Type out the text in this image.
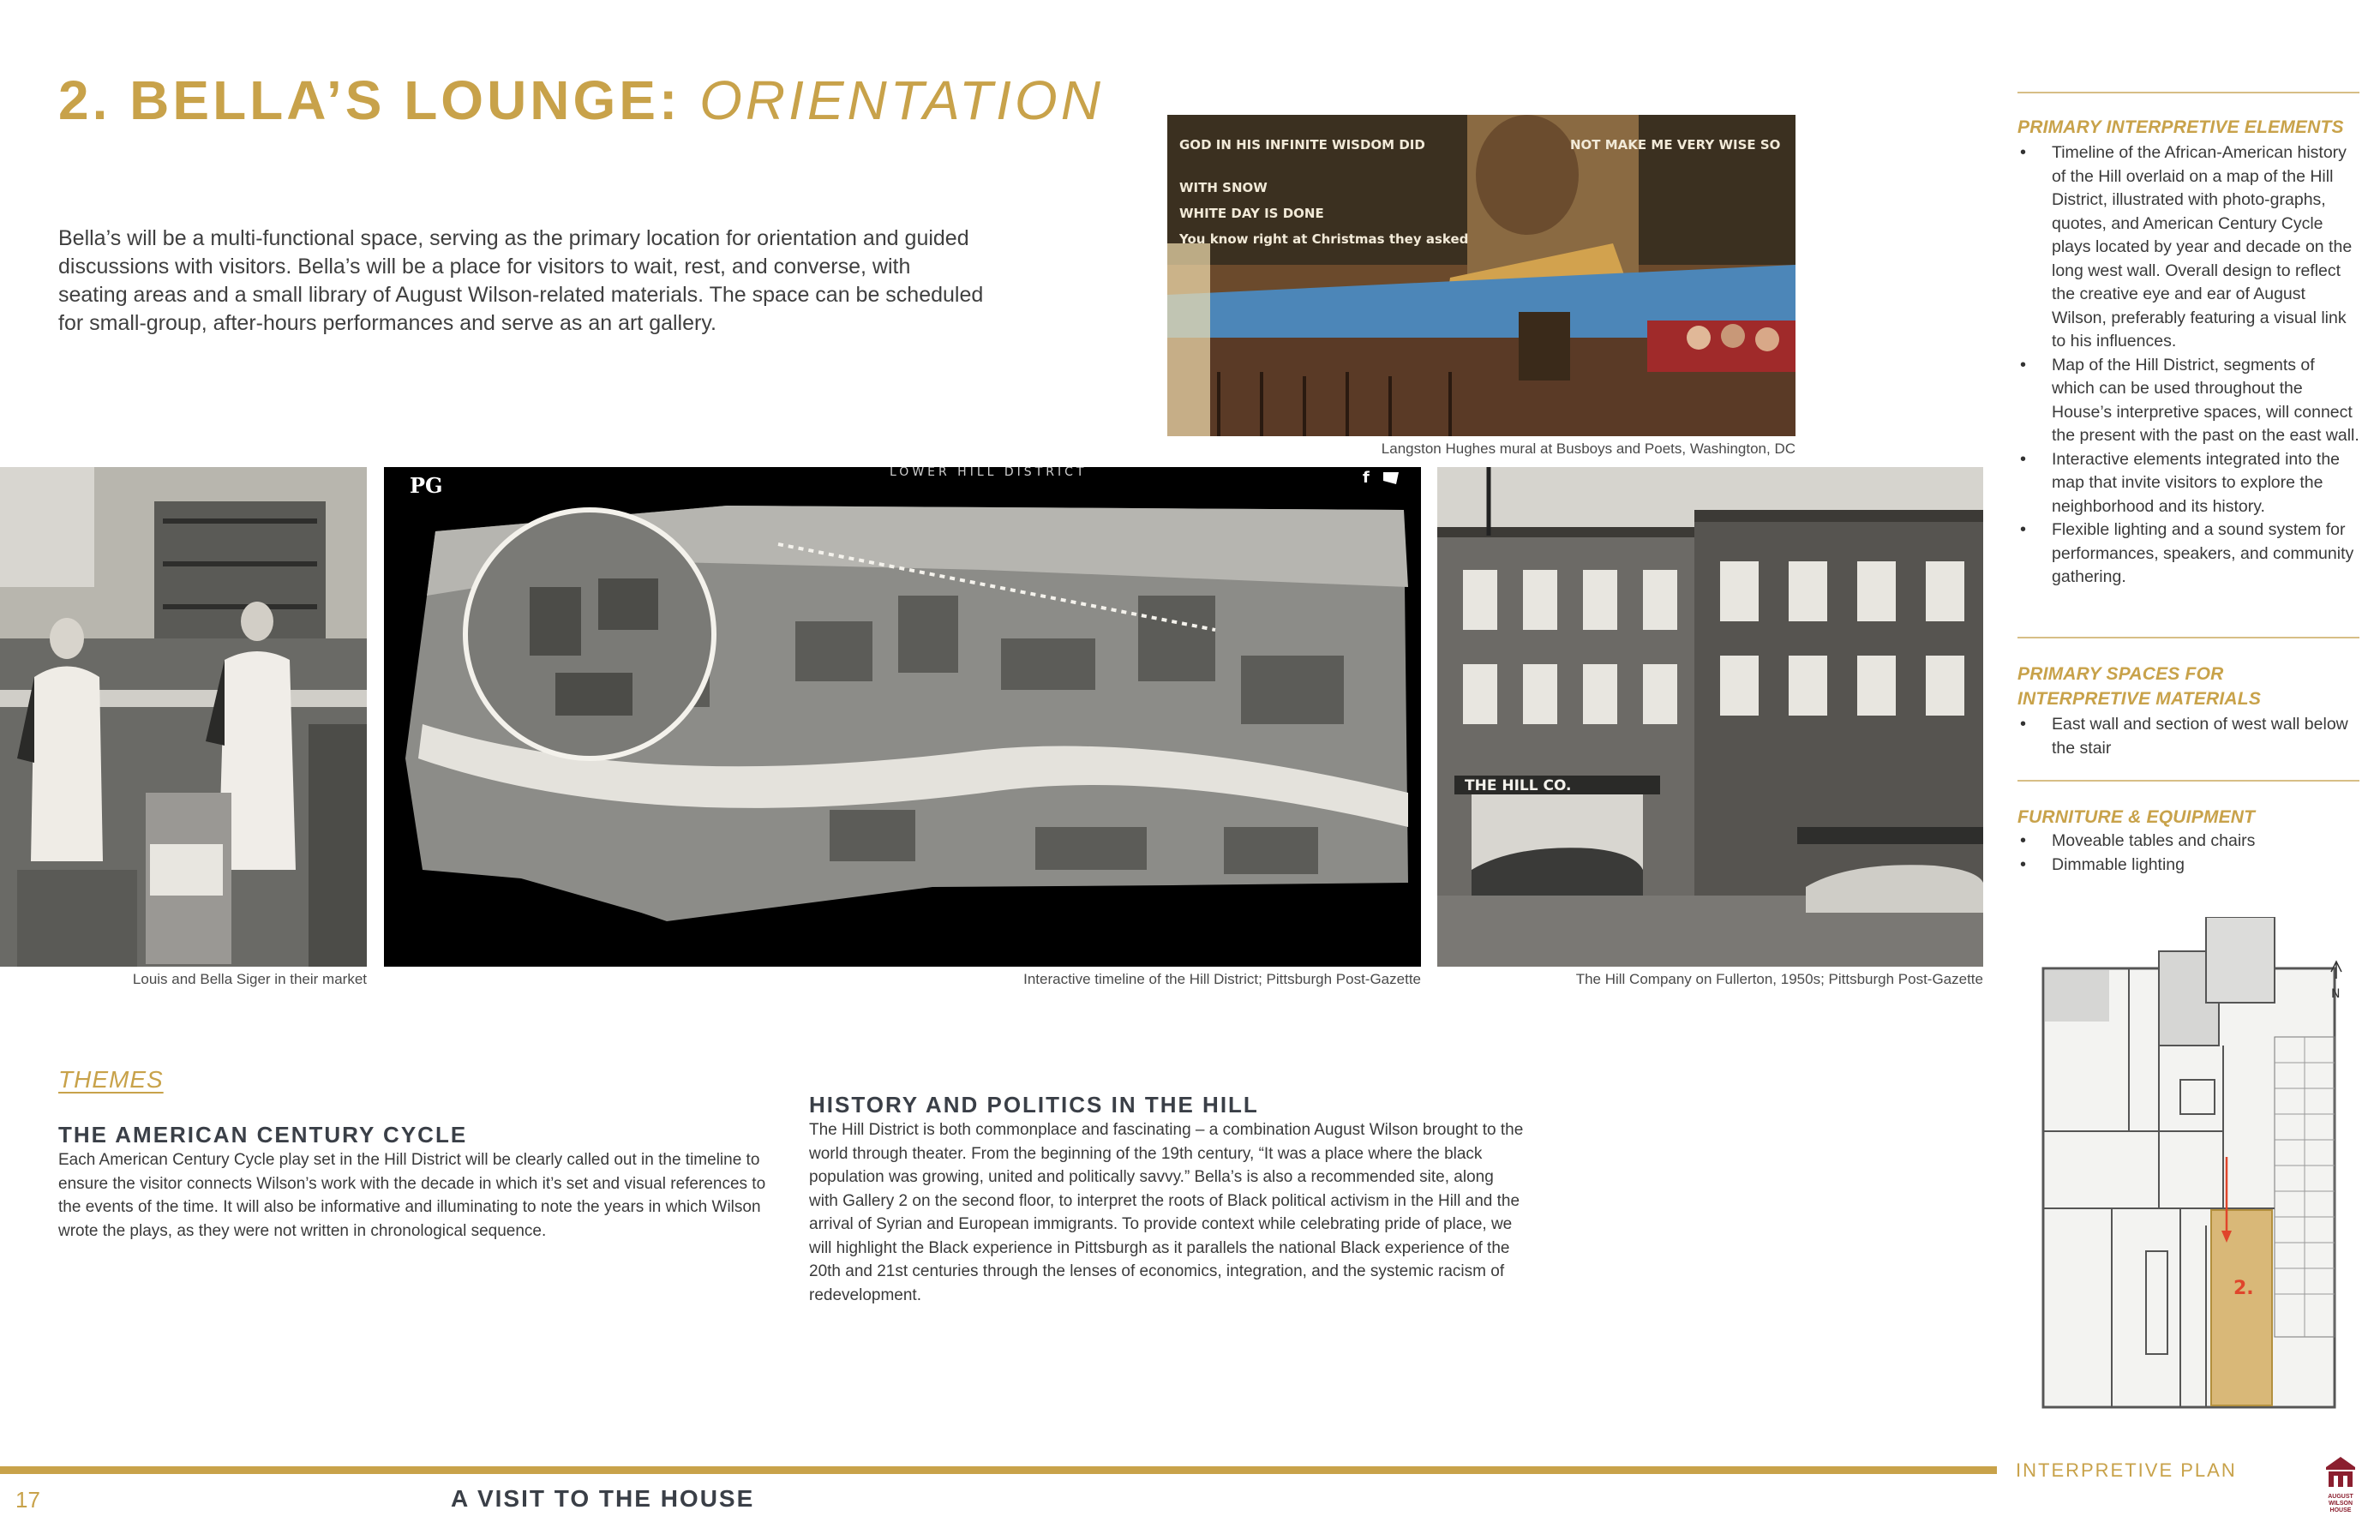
2. BELLA’S LOUNGE: ORIENTATION
Bella’s will be a multi-functional space, serving as the primary location for orientation and guided discussions with visitors. Bella’s will be a place for visitors to wait, rest, and converse, with seating areas and a small library of August Wilson-related materials. The space can be scheduled for small-group, after-hours performances and serve as an art gallery.
GOD IN HIS INFINITE WISDOM DID
WITH SNOW
WHITE DAY IS DONE
NOT MAKE ME VERY WISE SO
You know right at Christmas they asked
Langston Hughes mural at Busboys and Poets, Washington, DC
Louis and Bella Siger in their market
PG
LOWER HILL DISTRICT	f
Interactive timeline of the Hill District; Pittsburgh Post-Gazette
THE HILL CO.
The Hill Company on Fullerton, 1950s; Pittsburgh Post-Gazette
THEMES
THE AMERICAN CENTURY CYCLE
Each American Century Cycle play set in the Hill District will be clearly called out in the timeline to ensure the visitor connects Wilson’s work with the decade in which it’s set and visual references to the events of the time. It will also be informative and illuminating to note the years in which Wilson wrote the plays, as they were not written in chronological sequence.
HISTORY AND POLITICS IN THE HILL
The Hill District is both commonplace and fascinating – a combination August Wilson brought to the world through theater. From the beginning of the 19th century, “It was a place where the black population was growing, united and politically savvy.” Bella’s is also a recommended site, along with Gallery 2 on the second floor, to interpret the roots of Black political activism in the Hill and the arrival of Syrian and European immigrants. To provide context while celebrating pride of place, we will highlight the Black experience in Pittsburgh as it parallels the national Black experience of the 20th and 21st centuries through the lenses of economics, integration, and the systemic racism of redevelopment.
PRIMARY INTERPRETIVE ELEMENTS
• Timeline of the African-American history of the Hill overlaid on a map of the Hill District, illustrated with photo-graphs, quotes, and American Century Cycle plays located by year and decade on the long west wall. Overall design to reflect the creative eye and ear of August Wilson, preferably featuring a visual link to his influences.
• Map of the Hill District, segments of which can be used throughout the House’s interpretive spaces, will connect the present with the past on the east wall.
• Interactive elements integrated into the map that invite visitors to explore the neighborhood and its history.
• Flexible lighting and a sound system for performances, speakers, and community gathering.
PRIMARY SPACES FOR INTERPRETIVE MATERIALS
• East wall and section of west wall below the stair
FURNITURE & EQUIPMENT
• Moveable tables and chairs
• Dimmable lighting
2.
N
17	A VISIT TO THE HOUSE
INTERPRETIVE PLAN
AUGUST
WILSON
HOUSE
